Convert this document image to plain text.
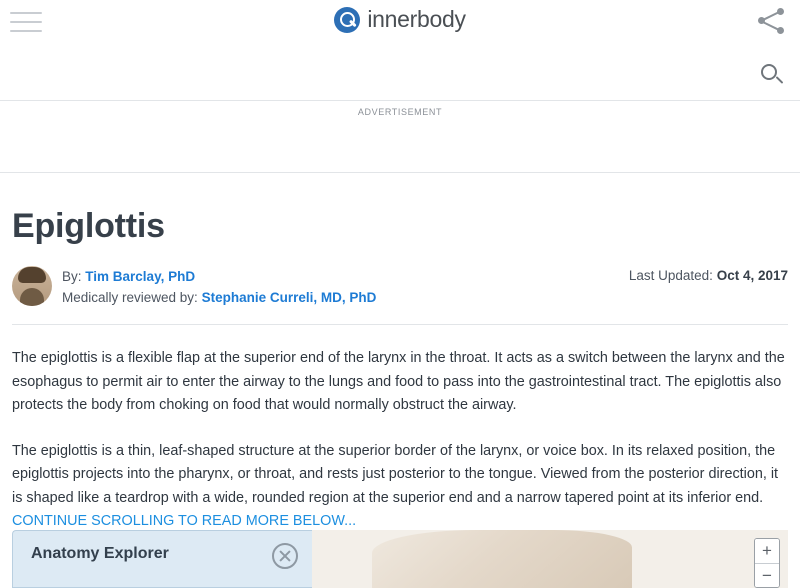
innerbody
ADVERTISEMENT
Epiglottis
By: Tim Barclay, PhD
Medically reviewed by: Stephanie Curreli, MD, PhD
Last Updated: Oct 4, 2017

The epiglottis is a flexible flap at the superior end of the larynx in the throat. It acts as a switch between the larynx and the esophagus to permit air to enter the airway to the lungs and food to pass into the gastrointestinal tract. The epiglottis also protects the body from choking on food that would normally obstruct the airway.

The epiglottis is a thin, leaf-shaped structure at the superior border of the larynx, or voice box. In its relaxed position, the epiglottis projects into the pharynx, or throat, and rests just posterior to the tongue. Viewed from the posterior direction, it is shaped like a teardrop with a wide, rounded region at the superior end and a narrow tapered point at its inferior end.

CONTINUE SCROLLING TO READ MORE BELOW...
Anatomy Explorer	+
−
